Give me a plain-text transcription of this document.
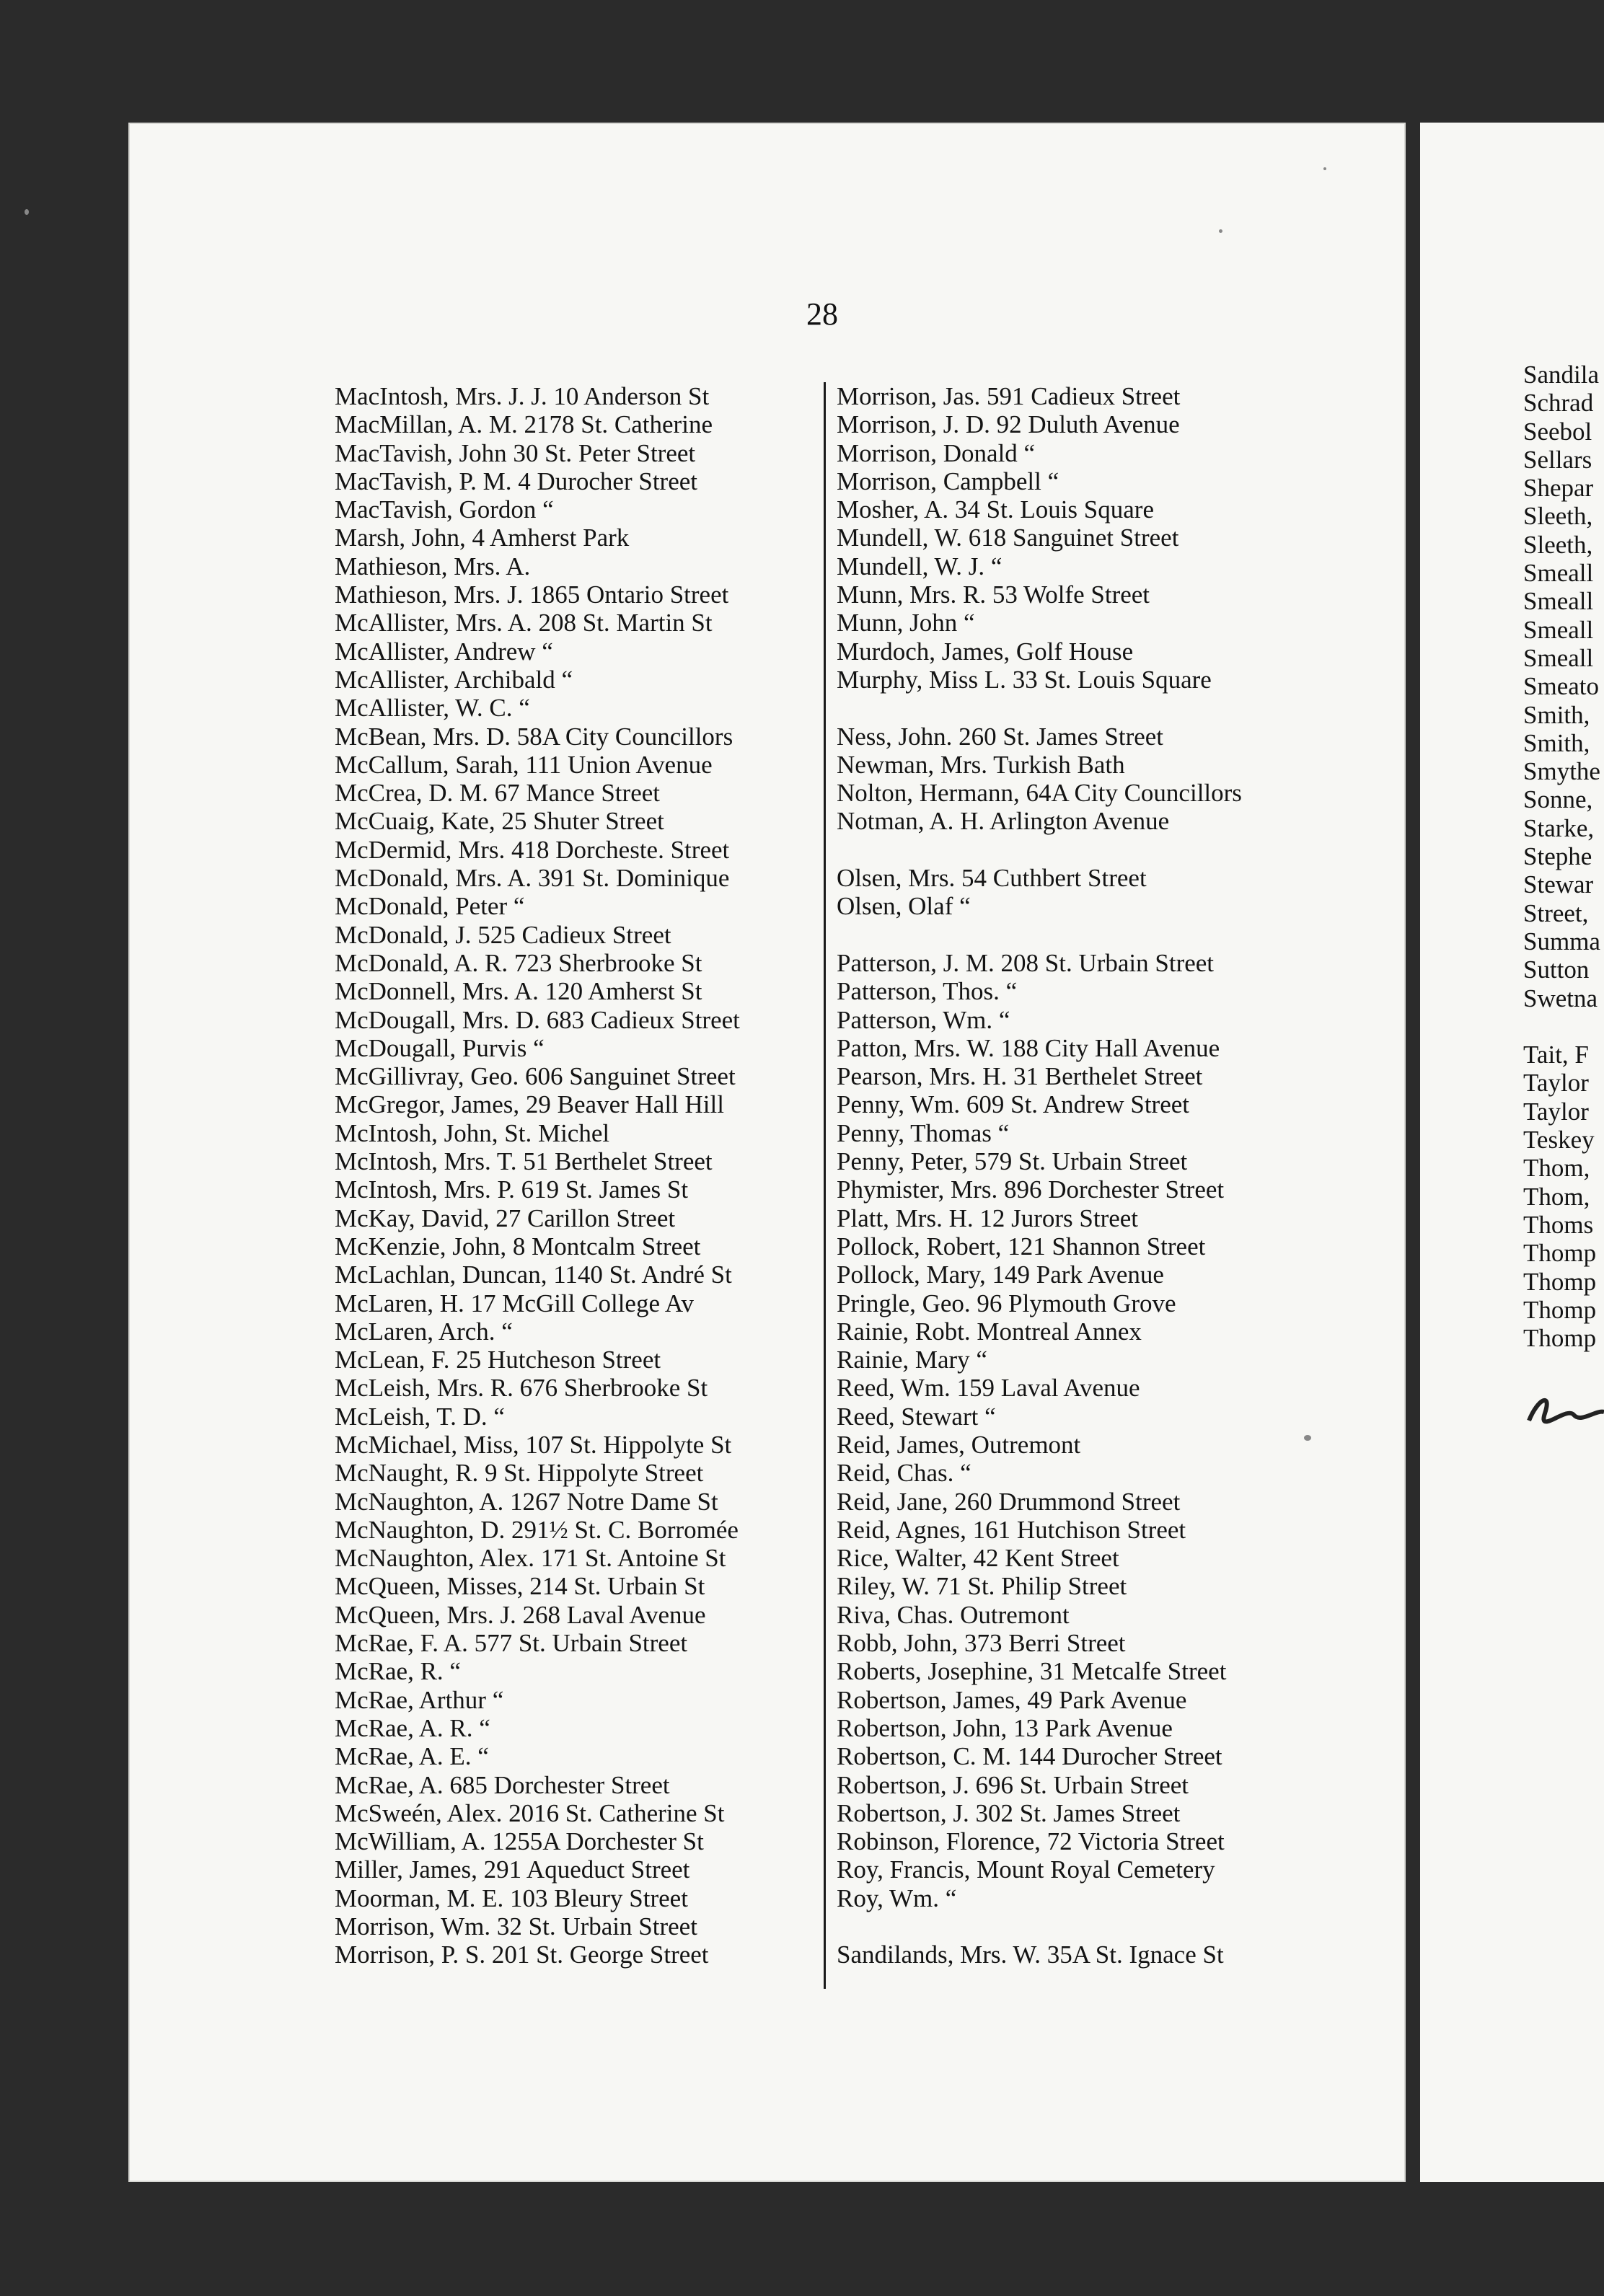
28
MacIntosh, Mrs. J. J. 10 Anderson St
MacMillan, A. M. 2178 St. Catherine
MacTavish, John 30 St. Peter Street
MacTavish, P. M. 4 Durocher Street
MacTavish, Gordon “
Marsh, John, 4 Amherst Park
Mathieson, Mrs. A.
Mathieson, Mrs. J. 1865 Ontario Street
McAllister, Mrs. A. 208 St. Martin St
McAllister, Andrew “
McAllister, Archibald “
McAllister, W. C. “
McBean, Mrs. D. 58A City Councillors
McCallum, Sarah, 111 Union Avenue
McCrea, D. M. 67 Mance Street
McCuaig, Kate, 25 Shuter Street
McDermid, Mrs. 418 Dorcheste. Street
McDonald, Mrs. A. 391 St. Dominique
McDonald, Peter “
McDonald, J. 525 Cadieux Street
McDonald, A. R. 723 Sherbrooke St
McDonnell, Mrs. A. 120 Amherst St
McDougall, Mrs. D. 683 Cadieux Street
McDougall, Purvis “
McGillivray, Geo. 606 Sanguinet Street
McGregor, James, 29 Beaver Hall Hill
McIntosh, John, St. Michel
McIntosh, Mrs. T. 51 Berthelet Street
McIntosh, Mrs. P. 619 St. James St
McKay, David, 27 Carillon Street
McKenzie, John, 8 Montcalm Street
McLachlan, Duncan, 1140 St. André St
McLaren, H. 17 McGill College Av
McLaren, Arch. “
McLean, F. 25 Hutcheson Street
McLeish, Mrs. R. 676 Sherbrooke St
McLeish, T. D. “
McMichael, Miss, 107 St. Hippolyte St
McNaught, R. 9 St. Hippolyte Street
McNaughton, A. 1267 Notre Dame St
McNaughton, D. 291½ St. C. Borromée
McNaughton, Alex. 171 St. Antoine St
McQueen, Misses, 214 St. Urbain St
McQueen, Mrs. J. 268 Laval Avenue
McRae, F. A. 577 St. Urbain Street
McRae, R. “
McRae, Arthur “
McRae, A. R. “
McRae, A. E. “
McRae, A. 685 Dorchester Street
McSweén, Alex. 2016 St. Catherine St
McWilliam, A. 1255A Dorchester St
Miller, James, 291 Aqueduct Street
Moorman, M. E. 103 Bleury Street
Morrison, Wm. 32 St. Urbain Street
Morrison, P. S. 201 St. George Street
Morrison, Jas. 591 Cadieux Street
Morrison, J. D. 92 Duluth Avenue
Morrison, Donald “
Morrison, Campbell “
Mosher, A. 34 St. Louis Square
Mundell, W. 618 Sanguinet Street
Mundell, W. J. “
Munn, Mrs. R. 53 Wolfe Street
Munn, John “
Murdoch, James, Golf House
Murphy, Miss L. 33 St. Louis Square
Ness, John. 260 St. James Street
Newman, Mrs. Turkish Bath
Nolton, Hermann, 64A City Councillors
Notman, A. H. Arlington Avenue
Olsen, Mrs. 54 Cuthbert Street
Olsen, Olaf “
Patterson, J. M. 208 St. Urbain Street
Patterson, Thos. “
Patterson, Wm. “
Patton, Mrs. W. 188 City Hall Avenue
Pearson, Mrs. H. 31 Berthelet Street
Penny, Wm. 609 St. Andrew Street
Penny, Thomas “
Penny, Peter, 579 St. Urbain Street
Phymister, Mrs. 896 Dorchester Street
Platt, Mrs. H. 12 Jurors Street
Pollock, Robert, 121 Shannon Street
Pollock, Mary, 149 Park Avenue
Pringle, Geo. 96 Plymouth Grove
Rainie, Robt. Montreal Annex
Rainie, Mary “
Reed, Wm. 159 Laval Avenue
Reed, Stewart “
Reid, James, Outremont
Reid, Chas. “
Reid, Jane, 260 Drummond Street
Reid, Agnes, 161 Hutchison Street
Rice, Walter, 42 Kent Street
Riley, W. 71 St. Philip Street
Riva, Chas. Outremont
Robb, John, 373 Berri Street
Roberts, Josephine, 31 Metcalfe Street
Robertson, James, 49 Park Avenue
Robertson, John, 13 Park Avenue
Robertson, C. M. 144 Durocher Street
Robertson, J. 696 St. Urbain Street
Robertson, J. 302 St. James Street
Robinson, Florence, 72 Victoria Street
Roy, Francis, Mount Royal Cemetery
Roy, Wm. “
Sandilands, Mrs. W. 35A St. Ignace St
Sandila
Schrad
Seebol
Sellars
Shepar
Sleeth,
Sleeth,
Smeall
Smeall
Smeall
Smeall
Smeato
Smith,
Smith,
Smythe
Sonne,
Starke,
Stephe
Stewar
Street,
Summa
Sutton
Swetna
Tait, F
Taylor
Taylor
Teskey
Thom,
Thom,
Thoms
Thomp
Thomp
Thomp
Thomp
